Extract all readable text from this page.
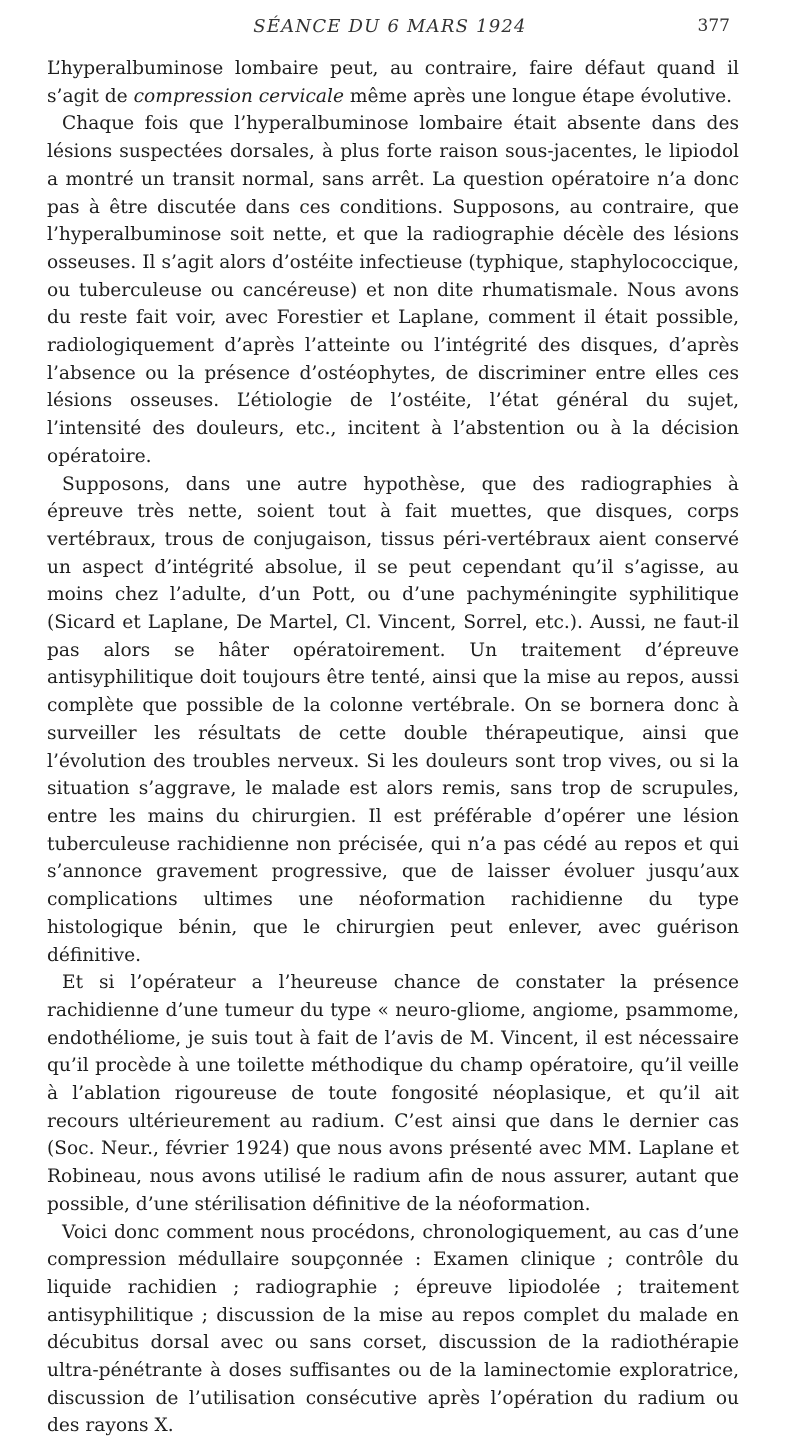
SÉANCE DU 6 MARS 1924	377

L’hyperalbuminose lombaire peut, au contraire, faire défaut quand il s’agit de compression cervicale même après une longue étape évolutive.

Chaque fois que l’hyperalbuminose lombaire était absente dans des lésions suspectées dorsales, à plus forte raison sous-jacentes, le lipiodol a montré un transit normal, sans arrêt. La question opératoire n’a donc pas à être discutée dans ces conditions. Supposons, au contraire, que l’hyperalbuminose soit nette, et que la radiographie décèle des lésions osseuses. Il s’agit alors d’ostéite infectieuse (typhique, staphylococcique, ou tuberculeuse ou cancéreuse) et non dite rhumatismale. Nous avons du reste fait voir, avec Forestier et Laplane, comment il était possible, radiologiquement d’après l’atteinte ou l’intégrité des disques, d’après l’absence ou la présence d’ostéophytes, de discriminer entre elles ces lésions osseuses. L’étiologie de l’ostéite, l’état général du sujet, l’intensité des douleurs, etc., incitent à l’abstention ou à la décision opératoire.

Supposons, dans une autre hypothèse, que des radiographies à épreuve très nette, soient tout à fait muettes, que disques, corps vertébraux, trous de conjugaison, tissus péri-vertébraux aient conservé un aspect d’intégrité absolue, il se peut cependant qu’il s’agisse, au moins chez l’adulte, d’un Pott, ou d’une pachyméningite syphilitique (Sicard et Laplane, De Martel, Cl. Vincent, Sorrel, etc.). Aussi, ne faut-il pas alors se hâter opératoirement. Un traitement d’épreuve antisyphilitique doit toujours être tenté, ainsi que la mise au repos, aussi complète que possible de la colonne vertébrale. On se bornera donc à surveiller les résultats de cette double thérapeutique, ainsi que l’évolution des troubles nerveux. Si les douleurs sont trop vives, ou si la situation s’aggrave, le malade est alors remis, sans trop de scrupules, entre les mains du chirurgien. Il est préférable d’opérer une lésion tuberculeuse rachidienne non précisée, qui n’a pas cédé au repos et qui s’annonce gravement progressive, que de laisser évoluer jusqu’aux complications ultimes une néoformation rachidienne du type histologique bénin, que le chirurgien peut enlever, avec guérison définitive.

Et si l’opérateur a l’heureuse chance de constater la présence rachidienne d’une tumeur du type « neuro-gliome, angiome, psammome, endothéliome, je suis tout à fait de l’avis de M. Vincent, il est nécessaire qu’il procède à une toilette méthodique du champ opératoire, qu’il veille à l’ablation rigoureuse de toute fongosité néoplasique, et qu’il ait recours ultérieurement au radium. C’est ainsi que dans le dernier cas (Soc. Neur., février 1924) que nous avons présenté avec MM. Laplane et Robineau, nous avons utilisé le radium afin de nous assurer, autant que possible, d’une stérilisation définitive de la néoformation.

Voici donc comment nous procédons, chronologiquement, au cas d’une compression médullaire soupçonnée : Examen clinique ; contrôle du liquide rachidien ; radiographie ; épreuve lipiodolée ; traitement antisyphilitique ; discussion de la mise au repos complet du malade en décubitus dorsal avec ou sans corset, discussion de la radiothérapie ultra-pénétrante à doses suffisantes ou de la laminectomie exploratrice, discussion de l’utilisation consécutive après l’opération du radium ou des rayons X.
